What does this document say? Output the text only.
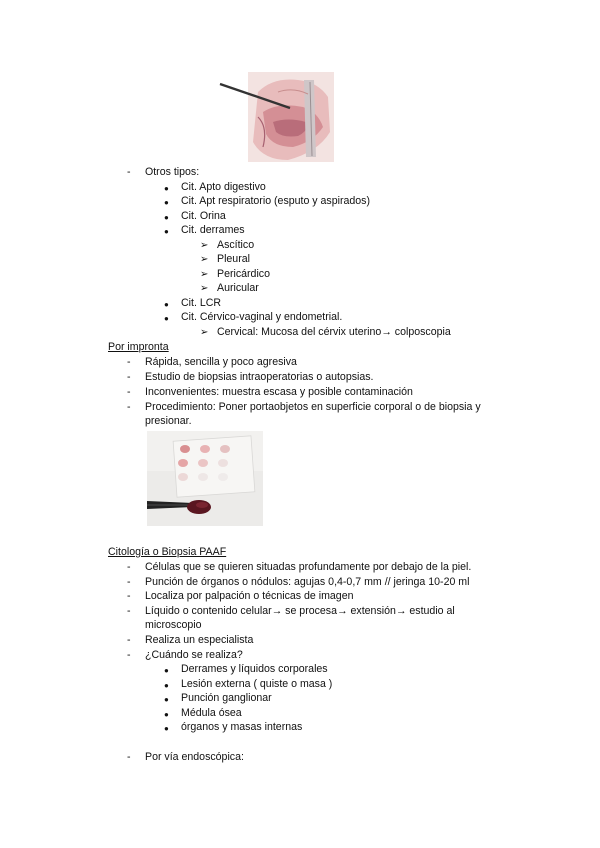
- Otros tipos:
● Cit. Apto digestivo
● Cit. Apt respiratorio (esputo y aspirados)
● Cit. Orina
● Cit. derrames
➢ Ascítico
➢ Pleural
➢ Pericárdico
➢ Auricular
● Cit. LCR
● Cit. Cérvico-vaginal y endometrial.
➢ Cervical: Mucosa del cérvix uterino→ colposcopia
Por impronta
- Rápida, sencilla y poco agresiva
- Estudio de biopsias intraoperatorias o autopsias.
- Inconvenientes: muestra escasa y posible contaminación
- Procedimiento: Poner portaobjetos en superficie corporal o de biopsia y
presionar.
Citología o Biopsia PAAF
- Células que se quieren situadas profundamente por debajo de la piel.
- Punción de órganos o nódulos: agujas 0,4-0,7 mm // jeringa 10-20 ml
- Localiza por palpación o técnicas de imagen
- Líquido o contenido celular→ se procesa→ extensión→ estudio al
microscopio
- Realiza un especialista
- ¿Cuándo se realiza?
● Derrames y líquidos corporales
● Lesión externa ( quiste o masa )
● Punción ganglionar
● Médula ósea
● órganos y masas internas
- Por vía endoscópica:
